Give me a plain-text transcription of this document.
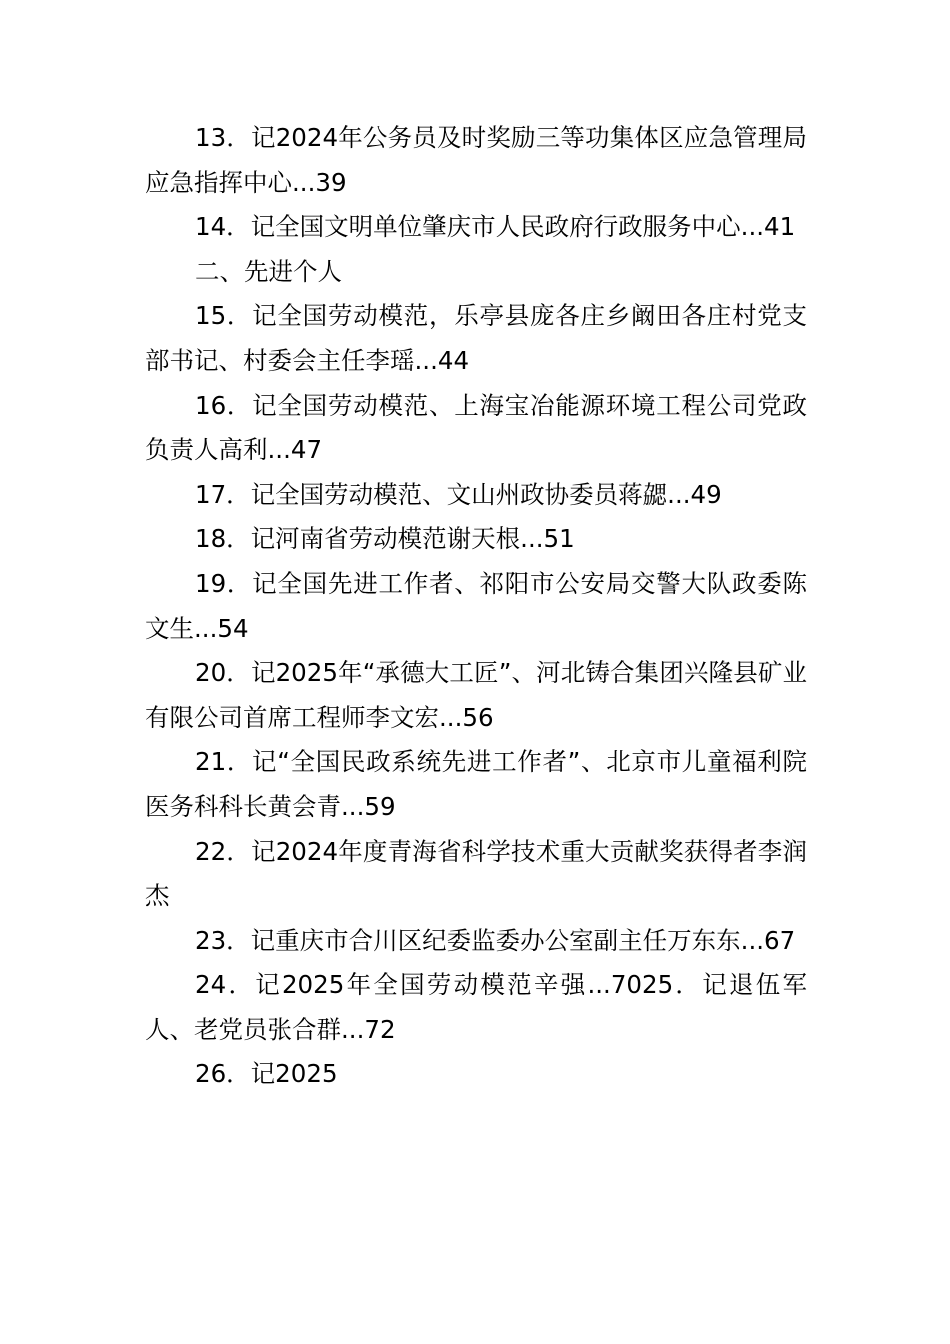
13．记2024年公务员及时奖励三等功集体区应急管理局应急指挥中心...39

14．记全国文明单位肇庆市人民政府行政服务中心...41

二、先进个人

15．记全国劳动模范，乐亭县庞各庄乡阚田各庄村党支部书记、村委会主任李瑶...44

16．记全国劳动模范、上海宝冶能源环境工程公司党政负责人高利...47

17．记全国劳动模范、文山州政协委员蒋勰...49

18．记河南省劳动模范谢天根...51

19．记全国先进工作者、祁阳市公安局交警大队政委陈文生...54

20．记2025年“承德大工匠”、河北铸合集团兴隆县矿业有限公司首席工程师李文宏...56

21．记“全国民政系统先进工作者”、北京市儿童福利院医务科科长黄会青...59

22．记2024年度青海省科学技术重大贡献奖获得者李润杰

23．记重庆市合川区纪委监委办公室副主任万东东...67

24．记2025年全国劳动模范辛强...7025．记退伍军人、老党员张合群...72

26．记2025
